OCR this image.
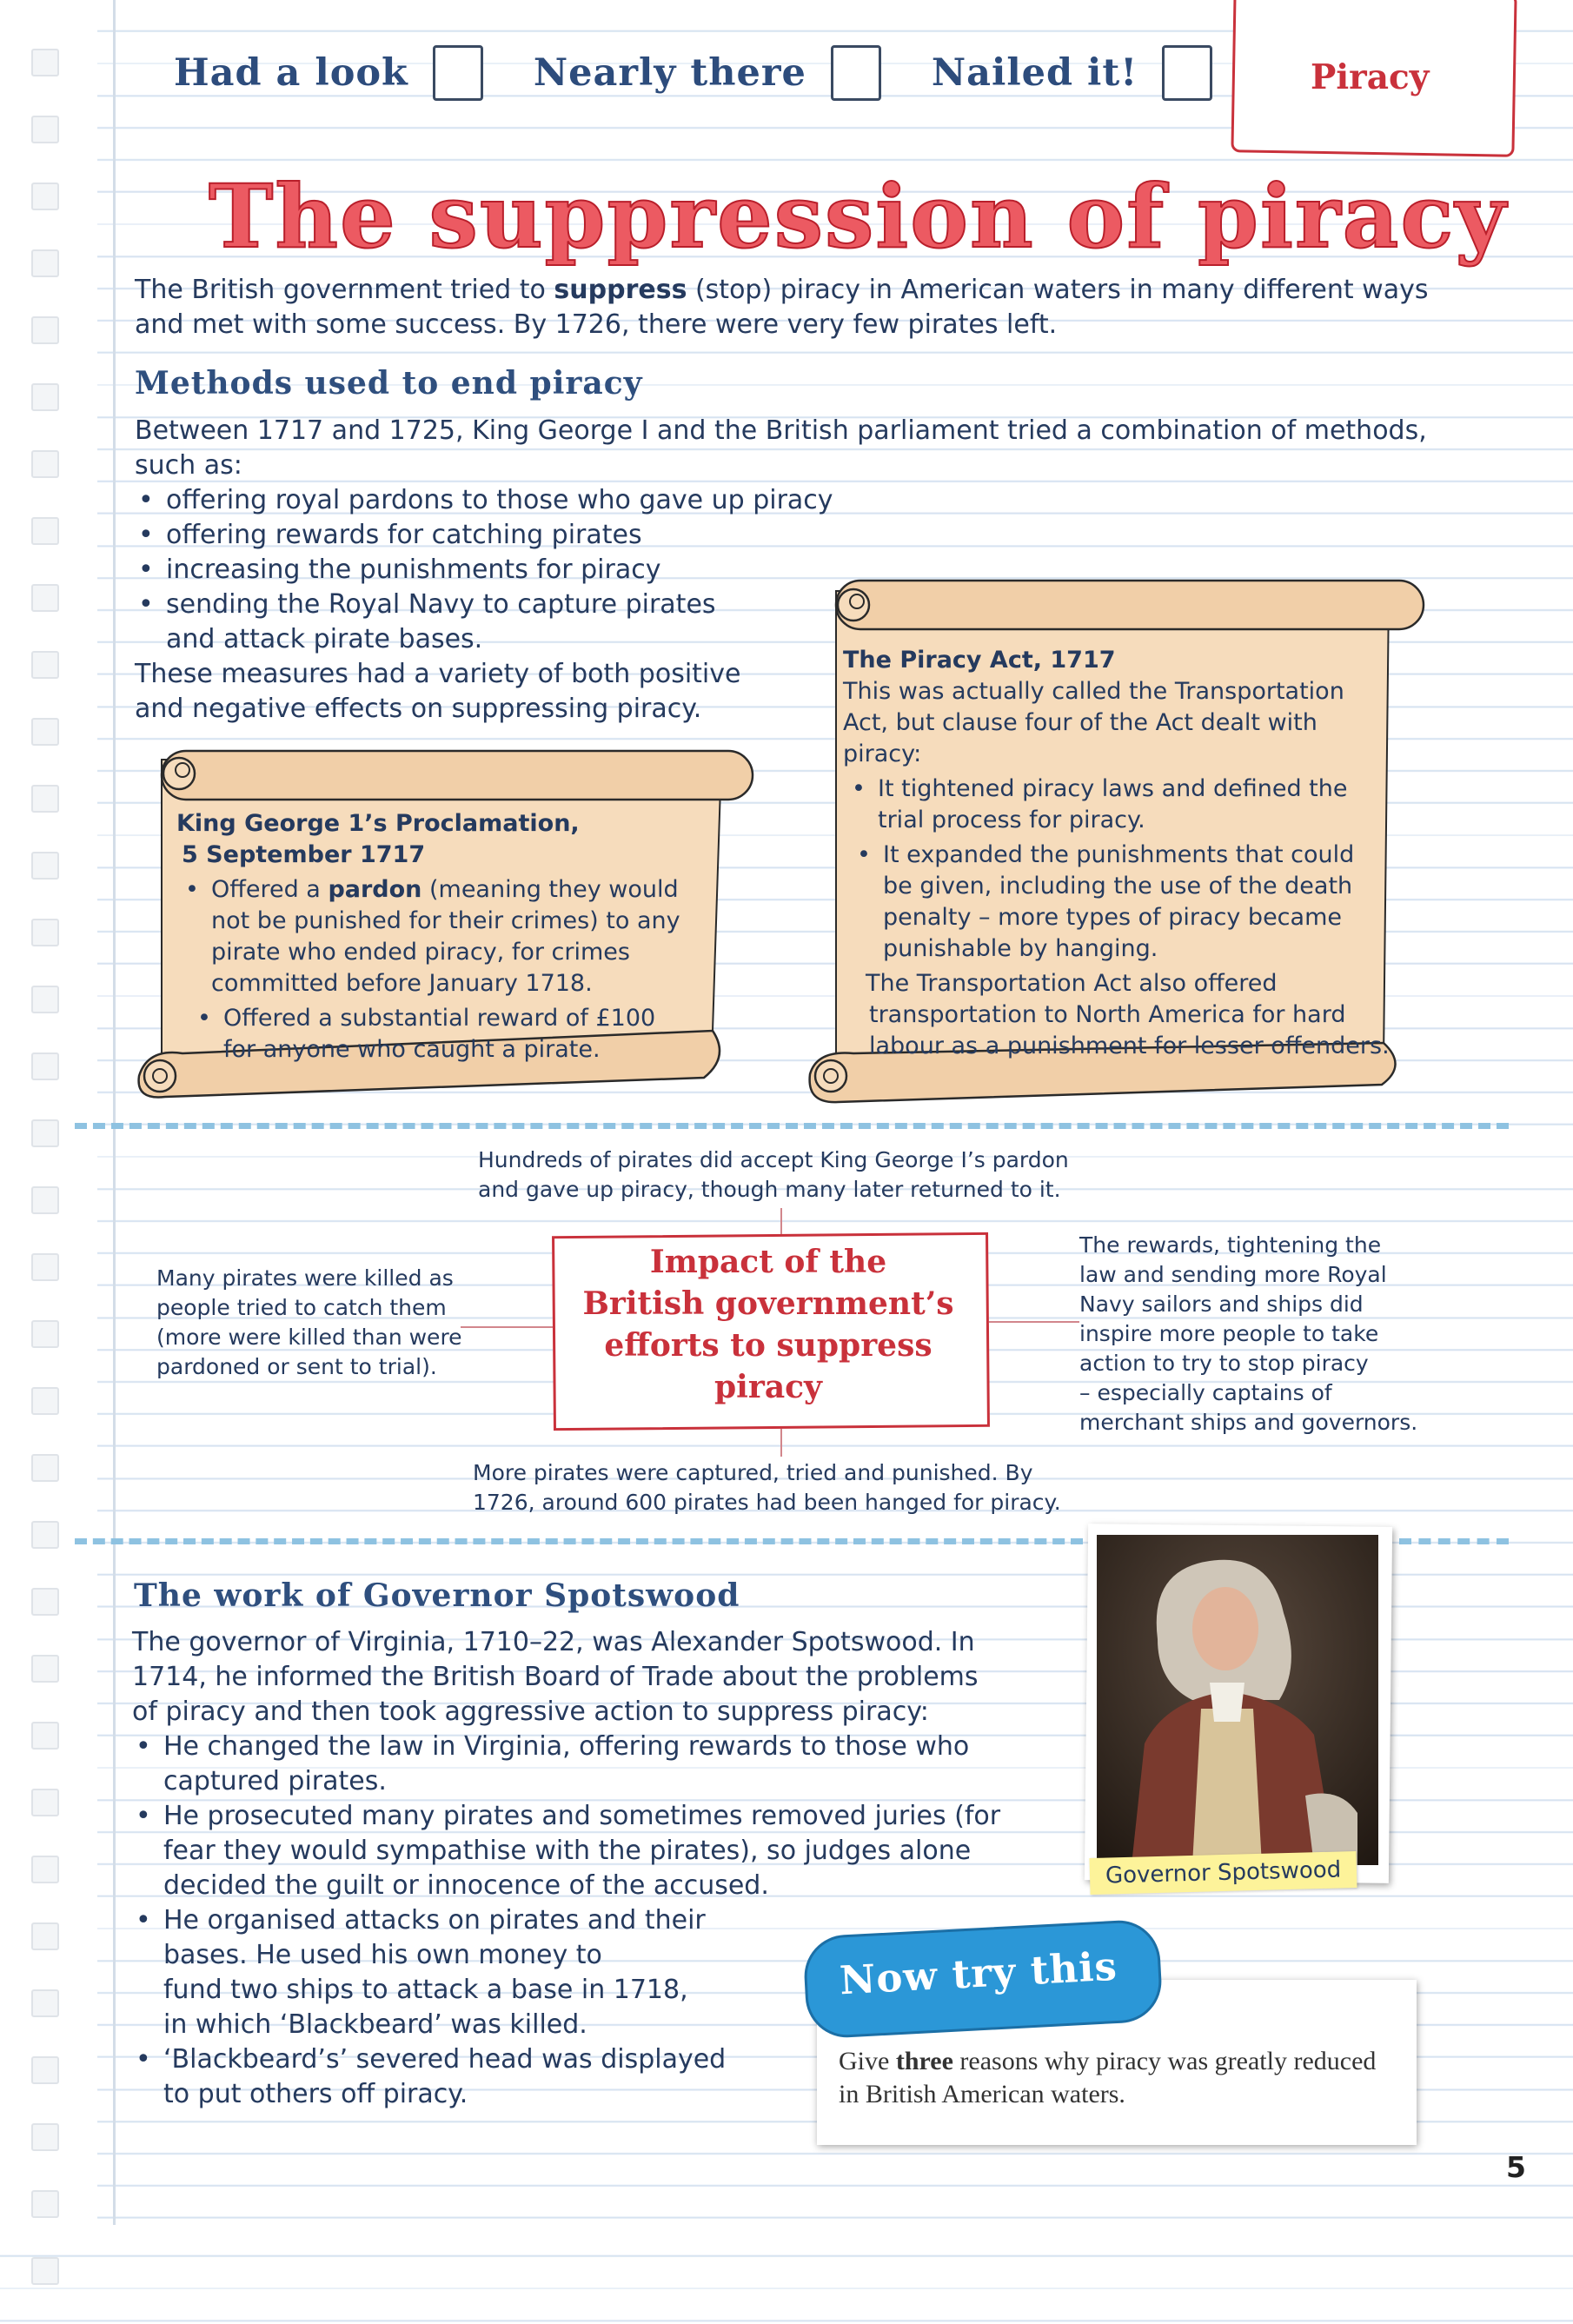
Had a look	Nearly there	Nailed it!	Piracy
The suppression of piracy
The British government tried to suppress (stop) piracy in American waters in many different ways
and met with some success. By 1726, there were very few pirates left.
Methods used to end piracy
Between 1717 and 1725, King George I and the British parliament tried a combination of methods,
such as:
• offering royal pardons to those who gave up piracy
• offering rewards for catching pirates
• increasing the punishments for piracy
• sending the Royal Navy to capture pirates
and attack pirate bases.
These measures had a variety of both positive
and negative effects on suppressing piracy.
King George 1’s Proclamation,
5 September 1717
• Offered a pardon (meaning they would
not be punished for their crimes) to any
pirate who ended piracy, for crimes
committed before January 1718.
• Offered a substantial reward of £100
for anyone who caught a pirate.
The Piracy Act, 1717
This was actually called the Transportation
Act, but clause four of the Act dealt with
piracy:
• It tightened piracy laws and defined the
trial process for piracy.
• It expanded the punishments that could
be given, including the use of the death
penalty – more types of piracy became
punishable by hanging.
The Transportation Act also offered
transportation to North America for hard
labour as a punishment for lesser offenders.
Impact of the
British government’s
efforts to suppress
piracy
Hundreds of pirates did accept King George I’s pardon
and gave up piracy, though many later returned to it.
Many pirates were killed as
people tried to catch them
(more were killed than were
pardoned or sent to trial).
The rewards, tightening the
law and sending more Royal
Navy sailors and ships did
inspire more people to take
action to try to stop piracy
– especially captains of
merchant ships and governors.
More pirates were captured, tried and punished. By
1726, around 600 pirates had been hanged for piracy.
The work of Governor Spotswood
The governor of Virginia, 1710–22, was Alexander Spotswood. In
1714, he informed the British Board of Trade about the problems
of piracy and then took aggressive action to suppress piracy:
• He changed the law in Virginia, offering rewards to those who
captured pirates.
• He prosecuted many pirates and sometimes removed juries (for
fear they would sympathise with the pirates), so judges alone
decided the guilt or innocence of the accused.
• He organised attacks on pirates and their
bases. He used his own money to
fund two ships to attack a base in 1718,
in which ‘Blackbeard’ was killed.
• ‘Blackbeard’s’ severed head was displayed
to put others off piracy.
Governor Spotswood
Now try this
Give three reasons why piracy was greatly reduced
in British American waters.
5
